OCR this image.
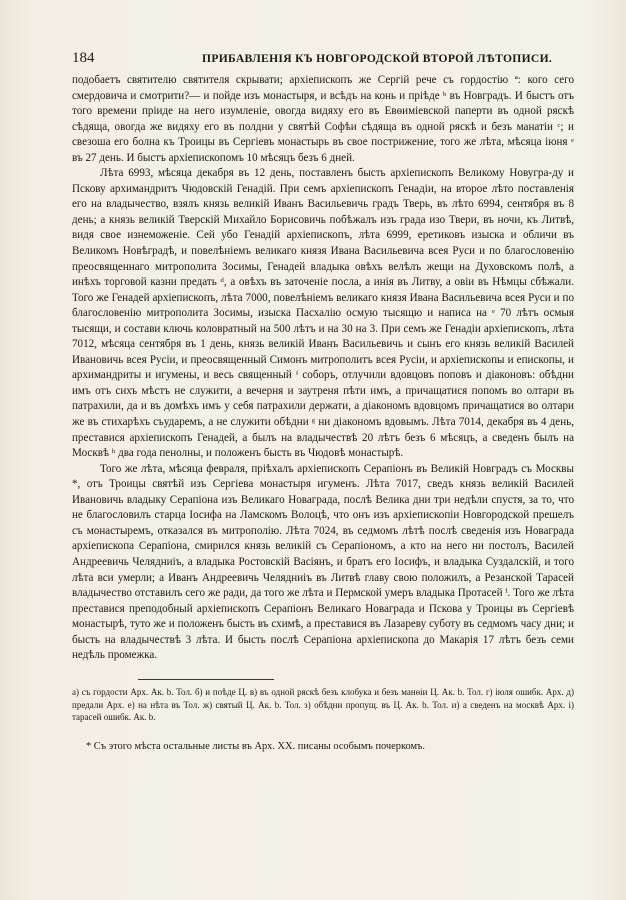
184	ПРИБАВЛЕНІЯ КЪ НОВГОРОДСКОЙ ВТОРОЙ ЛѢТОПИСИ.

подобаетъ святителю святителя скрывати; архіепископъ же Сергій рече съ гордостію ª: кого сего смердовича и смотрити?— и пойде изъ монастыря, и всѣдъ на конь и пріѣде ᵇ въ Новгрaдъ. И быстъ отъ того времени пріиде на него изумленіе, овогда видяху его въ Евѳиміевской паперти въ одной ряскѣ сѣдяща, овогда же видяху его въ полдни у святѣй Софѣи сѣдяща въ одной ряскѣ и безъ манатіи ᶜ; и свезоша его болна къ Троицы въ Сергіевъ монастырь въ свое пострижение, того же лѣта, мѣсяца іюня ᵉ въ 27 день. И быстъ архіепископомъ 10 мѣсяцъ безъ 6 дней.

Лѣта 6993, мѣсяца декабря въ 12 день, поставленъ бысть архіепископъ Великому Новугра-ду и Пскову архимандритъ Чюдовскій Генадій. При семъ архіепископъ Генадіи, на второе лѣто поставленія его на владычество, взялъ князь великій Иванъ Васильевичь градъ Тверь, въ лѣто 6994, сентября въ 8 день; а князь великій Тверскій Михайло Борисовичь побѣжалъ изъ града изо Твери, въ ночи, къ Литвѣ, видя свое изнеможеніе. Сей убо Генадій архіепископъ, лѣта 6999, еретиковъ изыска и обличи въ Великомъ Новѣградѣ, и повелѣніемъ великаго князя Ивана Васильевича всея Руси и по благословенію преосвященнаго митрополита Зосимы, Генадей владыка овѣхъ велѣлъ жещи на Духовскомъ полѣ, а инѣхъ торговой казни предать ᵈ, а овѣхъ въ заточеніе посла, а инія въ Литву, а овіи въ Нѣмцы сбѣжали. Того же Генадей архіепископъ, лѣта 7000, повелѣніемъ великаго князя Ивана Васильевича всея Руси и по благословенію митрополита Зосимы, изыска Пасхалію осмую тысящю и написа на ᵉ 70 лѣтъ осмыя тысящи, и состави ключь коловратный на 500 лѣтъ и на 30 на 3. При семъ же Генадіи архіепископъ, лѣта 7012, мѣсяца сентября въ 1 день, князь великій Иванъ Васильевичь и сынъ его князь великій Василей Ивановичь всея Русіи, и преосвященный Симонъ митрополитъ всея Русіи, и архіепископы и епископы, и архимандриты и игумены, и весь священный ᶠ соборъ, отлучили вдовцовъ поповъ и діаконовъ: обѣдни имъ отъ сихъ мѣстъ не служити, а вечерня и заутреня пѣти имъ, а причащатися попомъ во олтари въ патрахили, да и въ домѣхъ имъ у себя патрахили держати, а діакономъ вдовцомъ причащатися во олтари же въ стихарѣхъ съударемъ, а не служити обѣдни ᵍ ни діакономъ вдовымъ. Лѣта 7014, декабря въ 4 день, преставися архіепископъ Генадей, а былъ на владычествѣ 20 лѣтъ безъ 6 мѣсяцъ, а сведенъ былъ на Москвѣ ʰ два года пенолны, и положенъ бысть въ Чюдовѣ монастырѣ.

Того же лѣта, мѣсяца февраля, пріѣхалъ архіепископъ Серапіонъ въ Великій Новградъ съ Москвы *, отъ Троицы святѣй изъ Сергіева монастыря игуменъ. Лѣта 7017, сведъ князь великій Василей Ивановичь владыку Серапіона изъ Великаго Новаграда, послѣ Велика дни три недѣли спустя, за то, что не благословилъ старца Іосифа на Ламскомъ Волоцѣ, что онъ изъ архіепископіи Новгородской прешелъ съ монастыремъ, отказался въ митрополію. Лѣта 7024, въ седмомъ лѣтѣ послѣ сведенія изъ Новаграда архіепископа Серапіона, смирился князь великій съ Серапіономъ, а кто на него ни постолъ, Василей Андреевичь Челядниіъ, а владыка Ростовскій Васіянъ, и братъ его Іосифъ, и владыка Суздалскій, и того лѣта вси умерли; а Иванъ Андреевичь Челядниіъ въ Литвѣ главу свою положилъ, а Резанской Тарасей владычество отставилъ сего же ради, да того же лѣта и Пермской умеръ владыка Протасей ⁱ. Того же лѣта преставися преподобный архіепископъ Серапіонъ Великаго Новаграда и Пскова у Троицы въ Сергіевѣ монастырѣ, туто же и положенъ бысть въ схимѣ, а преставися въ Лазареву суботу въ седмомъ часу дни; и бысть на владычествѣ 3 лѣта. И бысть послѣ Серапіона архіепископа до Макарія 17 лѣтъ безъ семи недѣль промежка.

a) съ гордости Арх. Ак. b. Тол. б) и поѣде Ц. в) въ одной ряскѣ безъ клобука и безъ манѳіи Ц. Ак. b. Тол. г) іюля ошибк. Арх. д) предали Арх. е) на нѣта въ Тол. ж) святый Ц. Ак. b. Тол. з) обѣдни пропущ. въ Ц. Ак. b. Тол. и) а сведенъ на москвѣ Арх. і) тарасей ошибк. Ак. b.
* Съ этого мѣста остальные листы въ Арх. XX. писаны особымъ почеркомъ.
